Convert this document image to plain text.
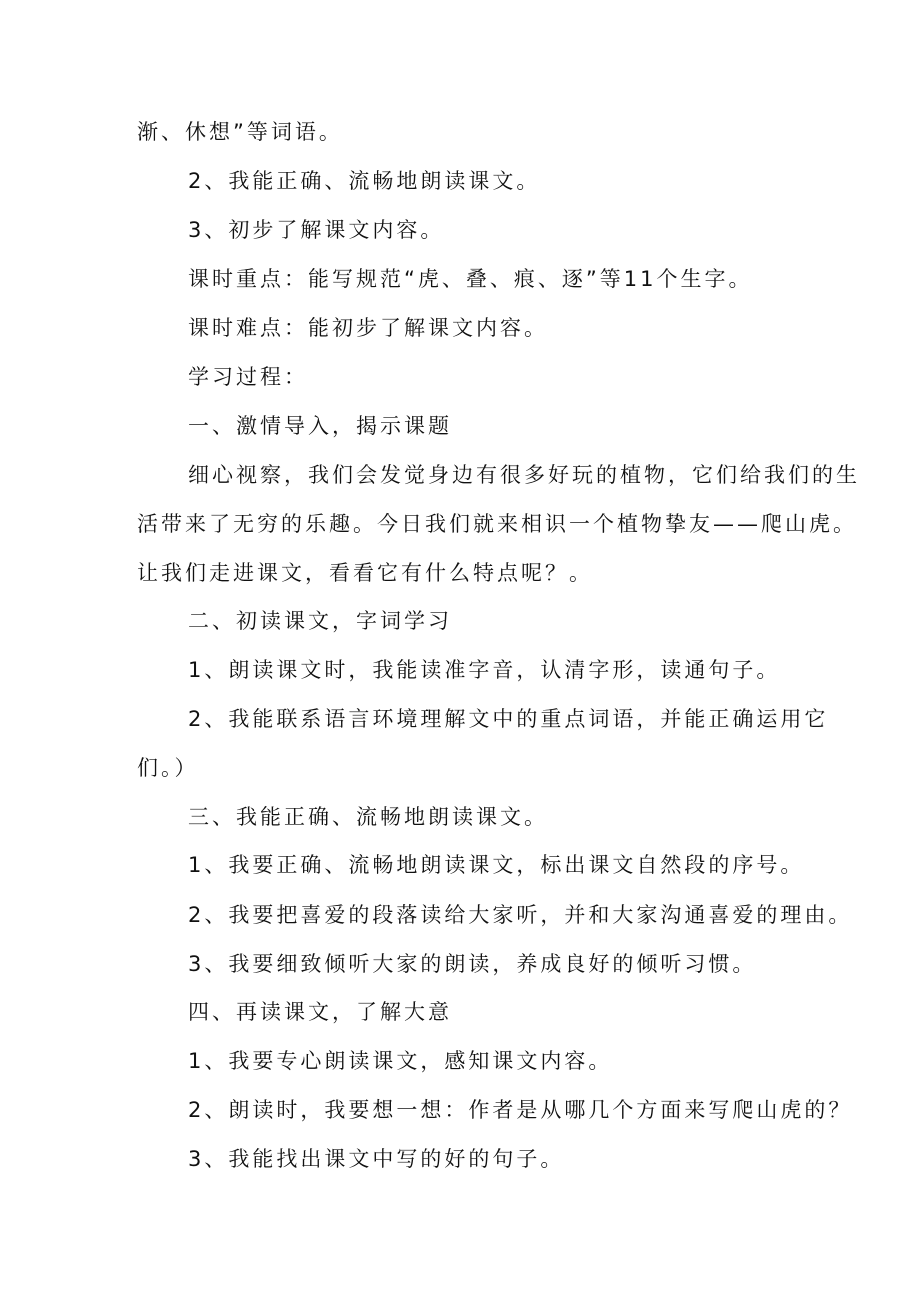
渐、休想”等词语。
2、我能正确、流畅地朗读课文。
3、初步了解课文内容。
课时重点：能写规范“虎、叠、痕、逐”等11个生字。
课时难点：能初步了解课文内容。
学习过程：
一、激情导入，揭示课题
细心视察，我们会发觉身边有很多好玩的植物，它们给我们的生
活带来了无穷的乐趣。今日我们就来相识一个植物挚友——爬山虎。
让我们走进课文，看看它有什么特点呢？。
二、初读课文，字词学习
1、朗读课文时，我能读准字音，认清字形，读通句子。
2、我能联系语言环境理解文中的重点词语，并能正确运用它
们。）
三、我能正确、流畅地朗读课文。
1、我要正确、流畅地朗读课文，标出课文自然段的序号。
2、我要把喜爱的段落读给大家听，并和大家沟通喜爱的理由。
3、我要细致倾听大家的朗读，养成良好的倾听习惯。
四、再读课文，了解大意
1、我要专心朗读课文，感知课文内容。
2、朗读时，我要想一想：作者是从哪几个方面来写爬山虎的？
3、我能找出课文中写的好的句子。
